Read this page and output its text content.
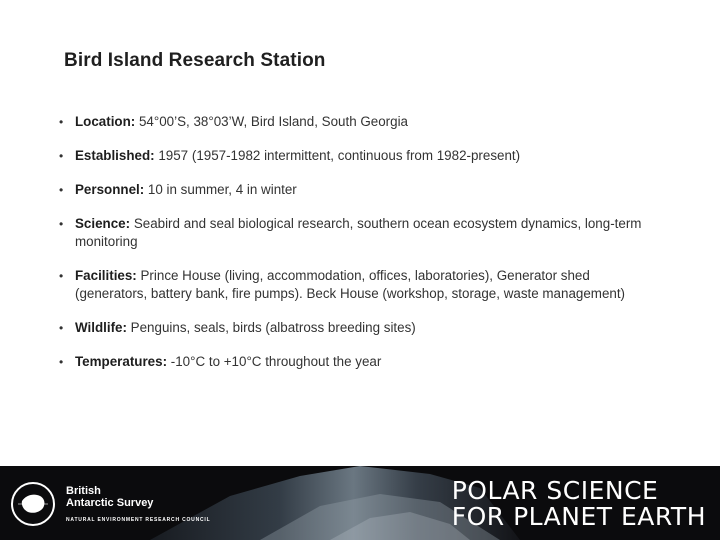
Bird Island Research Station
• Location: 54°00’S, 38°03’W, Bird Island, South Georgia
• Established: 1957 (1957-1982 intermittent, continuous from 1982-present)
• Personnel: 10 in summer, 4 in winter
• Science: Seabird and seal biological research, southern ocean ecosystem dynamics, long-term monitoring
• Facilities: Prince House (living, accommodation, offices, laboratories), Generator shed (generators, battery bank, fire pumps). Beck House (workshop, storage, waste management)
• Wildlife: Penguins, seals, birds (albatross breeding sites)
• Temperatures: -10°C to +10°C throughout the year
British
Antarctic Survey
NATURAL ENVIRONMENT RESEARCH COUNCIL
POLAR SCIENCE
FOR PLANET EARTH
